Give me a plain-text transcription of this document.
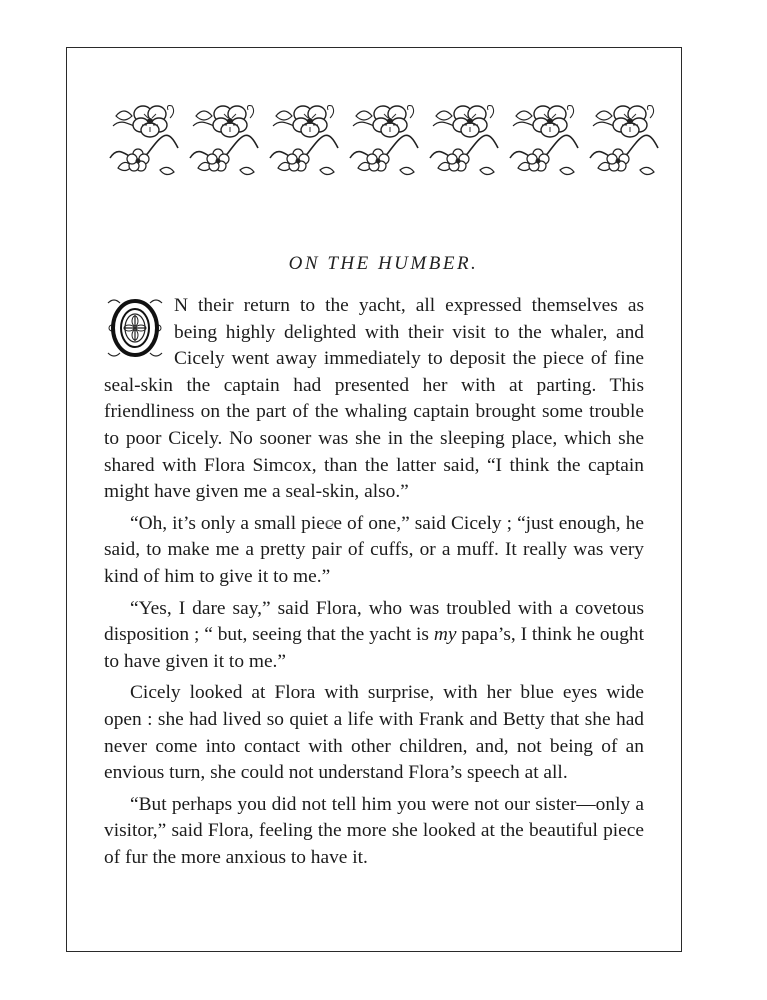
ON THE HUMBER.

O
N their return to the yacht, all expressed themselves as being highly delighted with their visit to the whaler, and Cicely went away immediately to deposit the piece of fine seal-skin the captain had presented her with at parting. This friendliness on the part of the whaling captain brought some trouble to poor Cicely. No sooner was she in the sleeping place, which she shared with Flora Simcox, than the latter said, “I think the captain might have given me a seal-skin, also.”

“Oh, it’s only a small piece of one,” said Cicely ; “just enough, he said, to make me a pretty pair of cuffs, or a muff. It really was very kind of him to give it to me.”

“Yes, I dare say,” said Flora, who was troubled with a covetous disposition ; “ but, seeing that the yacht is my papa’s, I think he ought to have given it to me.”

Cicely looked at Flora with surprise, with her blue eyes wide open : she had lived so quiet a life with Frank and Betty that she had never come into contact with other children, and, not being of an envious turn, she could not understand Flora’s speech at all.

“But perhaps you did not tell him you were not our sister—only a visitor,” said Flora, feeling the more she looked at the beautiful piece of fur the more anxious to have it.
